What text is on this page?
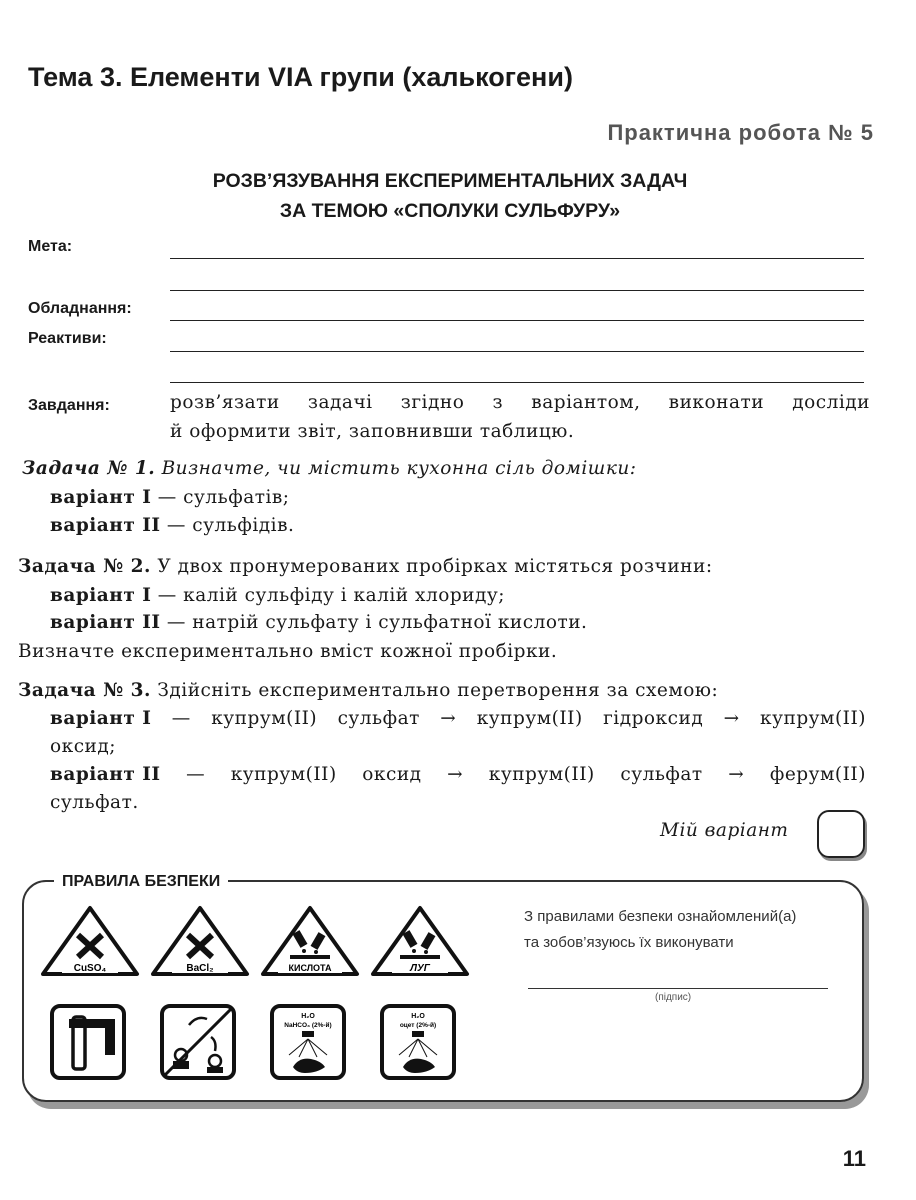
Тема 3. Елементи VIA групи (халькогени)
Практична робота № 5
РОЗВ’ЯЗУВАННЯ ЕКСПЕРИМЕНТАЛЬНИХ ЗАДАЧ
ЗА ТЕМОЮ «СПОЛУКИ СУЛЬФУРУ»
Мета:
Обладнання:
Реактиви:
Завдання:	розв’язати задачі згідно з варіантом, виконати досліди
й оформити звіт, заповнивши таблицю.
Задача № 1. Визначте, чи містить кухонна сіль домішки:
варіант I — сульфатів;
варіант II — сульфідів.
Задача № 2. У двох пронумерованих пробірках містяться розчини:
варіант I — калій сульфіду і калій хлориду;
варіант II — натрій сульфату і сульфатної кислоти.
Визначте експериментально вміст кожної пробірки.
Задача № 3. Здійсніть експериментально перетворення за схемою:
варіант I — купрум(II) сульфат → купрум(II) гідроксид → купрум(II)
оксид;
варіант II — купрум(II) оксид → купрум(II) сульфат → ферум(II)
сульфат.
Мій варіант
ПРАВИЛА БЕЗПЕКИ
CuSO₄	BaCl₂	КИСЛОТА	ЛУГ
H₂O
NaHCO₃ (2%-й)
H₂O
оцет (2%-й)
З правилами безпеки ознайомлений(а)
та зобов’язуюсь їх виконувати
(підпис)
11
